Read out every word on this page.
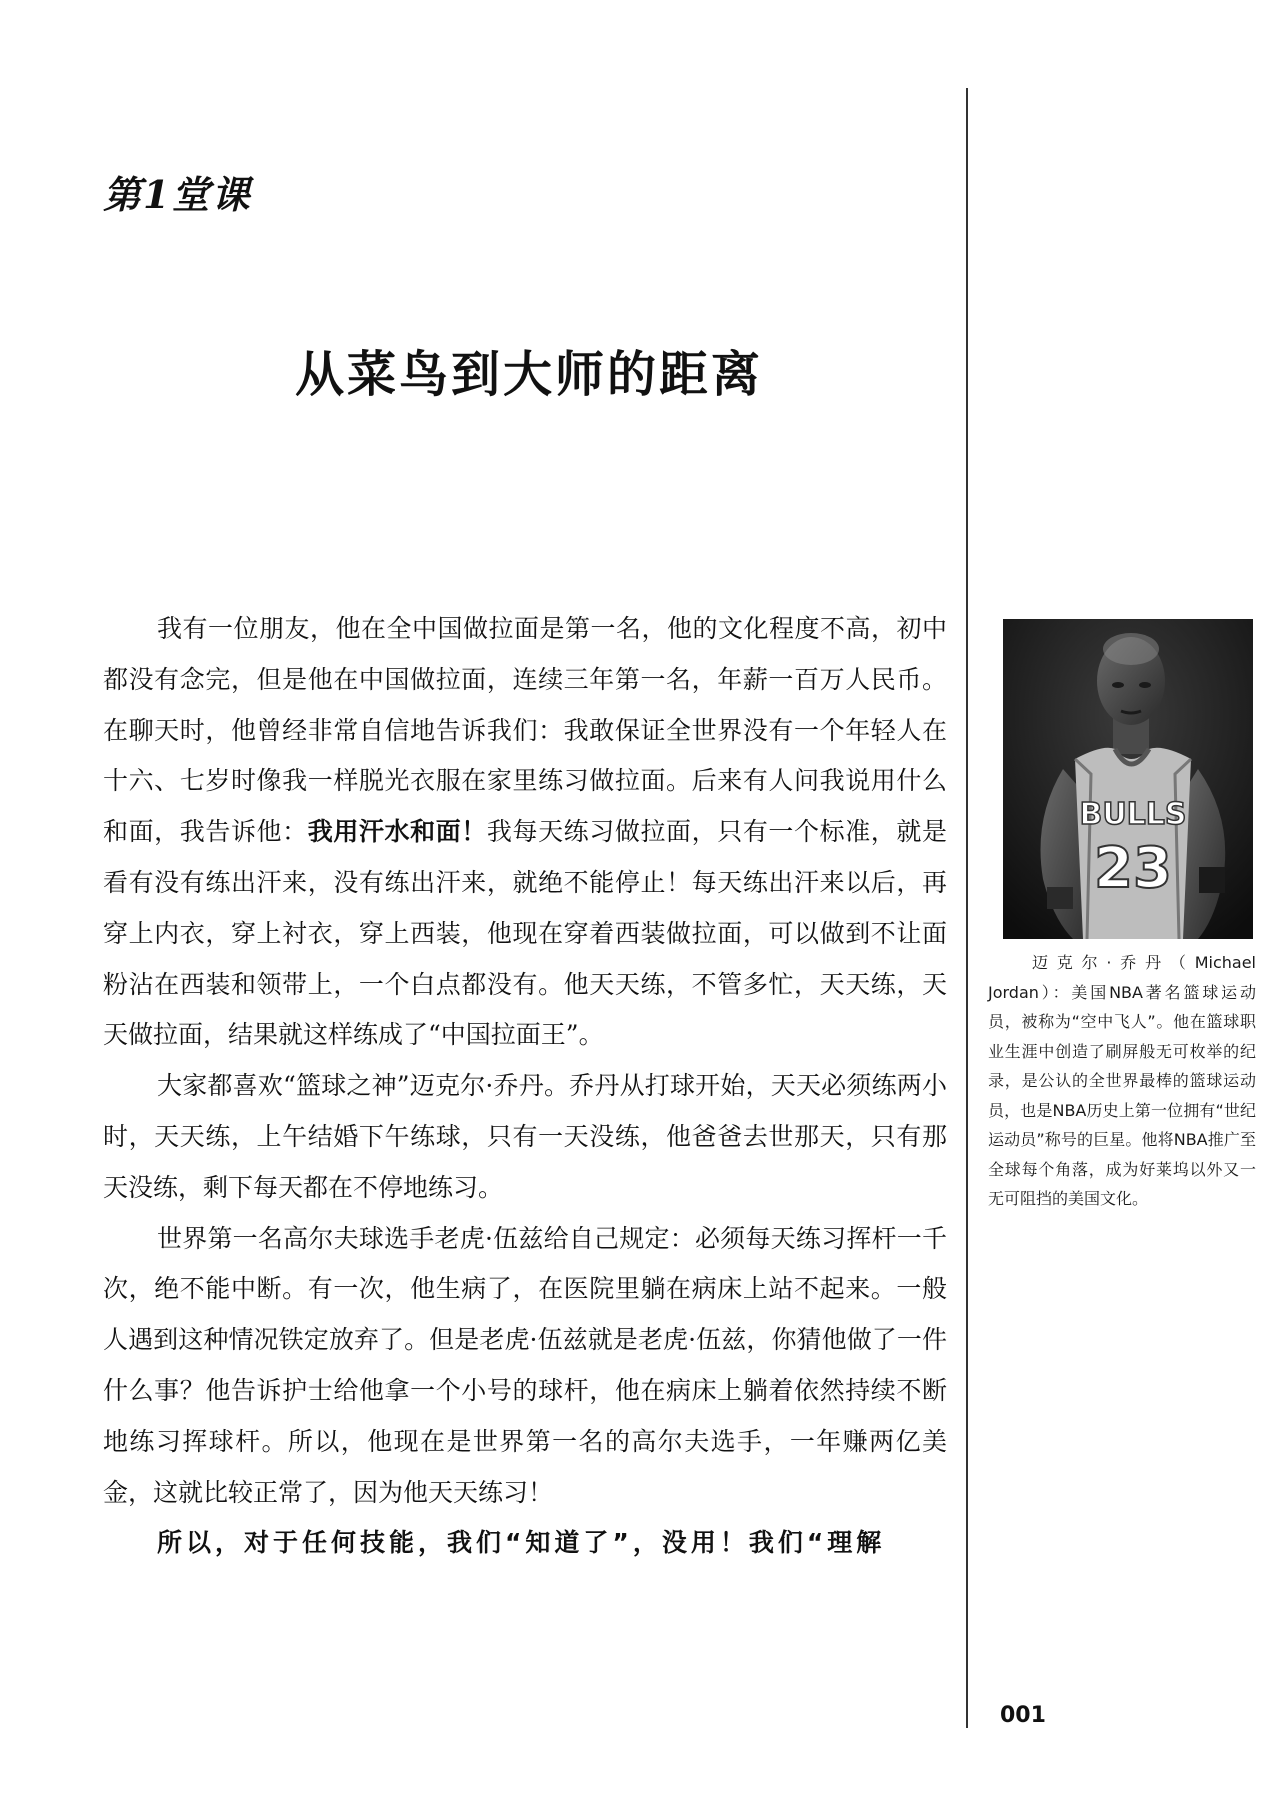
第1堂课
从菜鸟到大师的距离

我有一位朋友，他在全中国做拉面是第一名，他的文化程度不高，初中都没有念完，但是他在中国做拉面，连续三年第一名，年薪一百万人民币。在聊天时，他曾经非常自信地告诉我们：我敢保证全世界没有一个年轻人在十六、七岁时像我一样脱光衣服在家里练习做拉面。后来有人问我说用什么和面，我告诉他：我用汗水和面！我每天练习做拉面，只有一个标准，就是看有没有练出汗来，没有练出汗来，就绝不能停止！每天练出汗来以后，再穿上内衣，穿上衬衣，穿上西装，他现在穿着西装做拉面，可以做到不让面粉沾在西装和领带上，一个白点都没有。他天天练，不管多忙，天天练，天天做拉面，结果就这样练成了“中国拉面王”。

大家都喜欢“篮球之神”迈克尔·乔丹。乔丹从打球开始，天天必须练两小时，天天练，上午结婚下午练球，只有一天没练，他爸爸去世那天，只有那天没练，剩下每天都在不停地练习。

世界第一名高尔夫球选手老虎·伍兹给自己规定：必须每天练习挥杆一千次，绝不能中断。有一次，他生病了，在医院里躺在病床上站不起来。一般人遇到这种情况铁定放弃了。但是老虎·伍兹就是老虎·伍兹，你猜他做了一件什么事？他告诉护士给他拿一个小号的球杆，他在病床上躺着依然持续不断地练习挥球杆。所以，他现在是世界第一名的高尔夫选手，一年赚两亿美金，这就比较正常了，因为他天天练习！

所以，对于任何技能，我们“知道了”，没用！我们“理解

BULLS
23

迈克尔·乔丹（Michael Jordan）：美国NBA著名篮球运动员，被称为“空中飞人”。他在篮球职业生涯中创造了刷屏般无可枚举的纪录，是公认的全世界最棒的篮球运动员，也是NBA历史上第一位拥有“世纪运动员”称号的巨星。他将NBA推广至全球每个角落，成为好莱坞以外又一无可阻挡的美国文化。

001
